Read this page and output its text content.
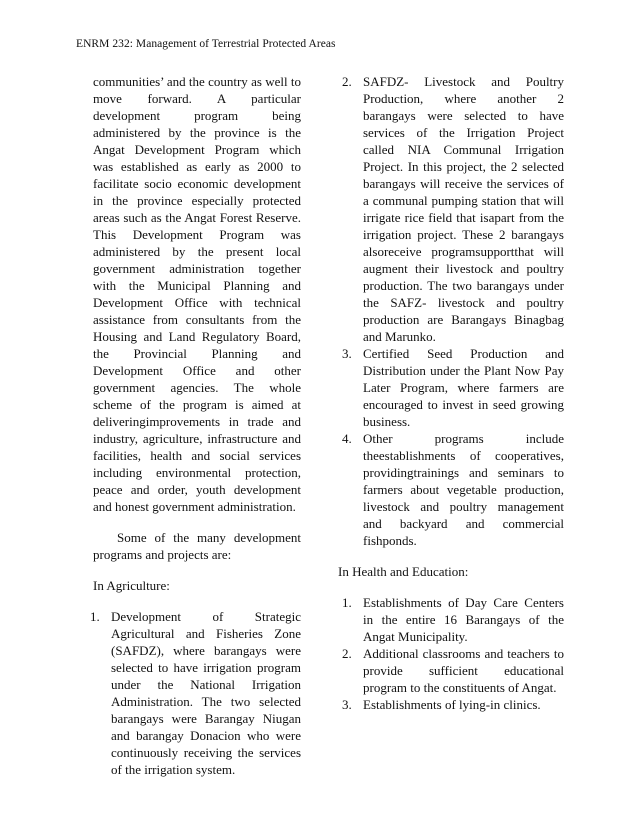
ENRM 232: Management of Terrestrial Protected Areas

communities’ and the country as well to move forward. A particular development program being administered by the province is the Angat Development Program which was established as early as 2000 to facilitate socio economic development in the province especially protected areas such as the Angat Forest Reserve. This Development Program was administered by the present local government administration together with the Municipal Planning and Development Office with technical assistance from consultants from the Housing and Land Regulatory Board, the Provincial Planning and Development Office and other government agencies. The whole scheme of the program is aimed at deliveringimprovements in trade and industry, agriculture, infrastructure and facilities, health and social services including environmental protection, peace and order, youth development and honest government administration.

Some of the many development programs and projects are:

In Agriculture:

1. Development of Strategic Agricultural and Fisheries Zone (SAFDZ), where barangays were selected to have irrigation program under the National Irrigation Administration. The two selected barangays were Barangay Niugan and barangay Donacion who were continuously receiving the services of the irrigation system.
2. SAFDZ- Livestock and Poultry Production, where another 2 barangays were selected to have services of the Irrigation Project called NIA Communal Irrigation Project. In this project, the 2 selected barangays will receive the services of a communal pumping station that will irrigate rice field that isapart from the irrigation project. These 2 barangays alsoreceive programsupportthat will augment their livestock and poultry production. The two barangays under the SAFZ- livestock and poultry production are Barangays Binagbag and Marunko.
3. Certified Seed Production and Distribution under the Plant Now Pay Later Program, where farmers are encouraged to invest in seed growing business.
4. Other programs include theestablishments of cooperatives, providingtrainings and seminars to farmers about vegetable production, livestock and poultry management and backyard and commercial fishponds.

In Health and Education:

1. Establishments of Day Care Centers in the entire 16 Barangays of the Angat Municipality.
2. Additional classrooms and teachers to provide sufficient educational program to the constituents of Angat.
3. Establishments of lying-in clinics.
